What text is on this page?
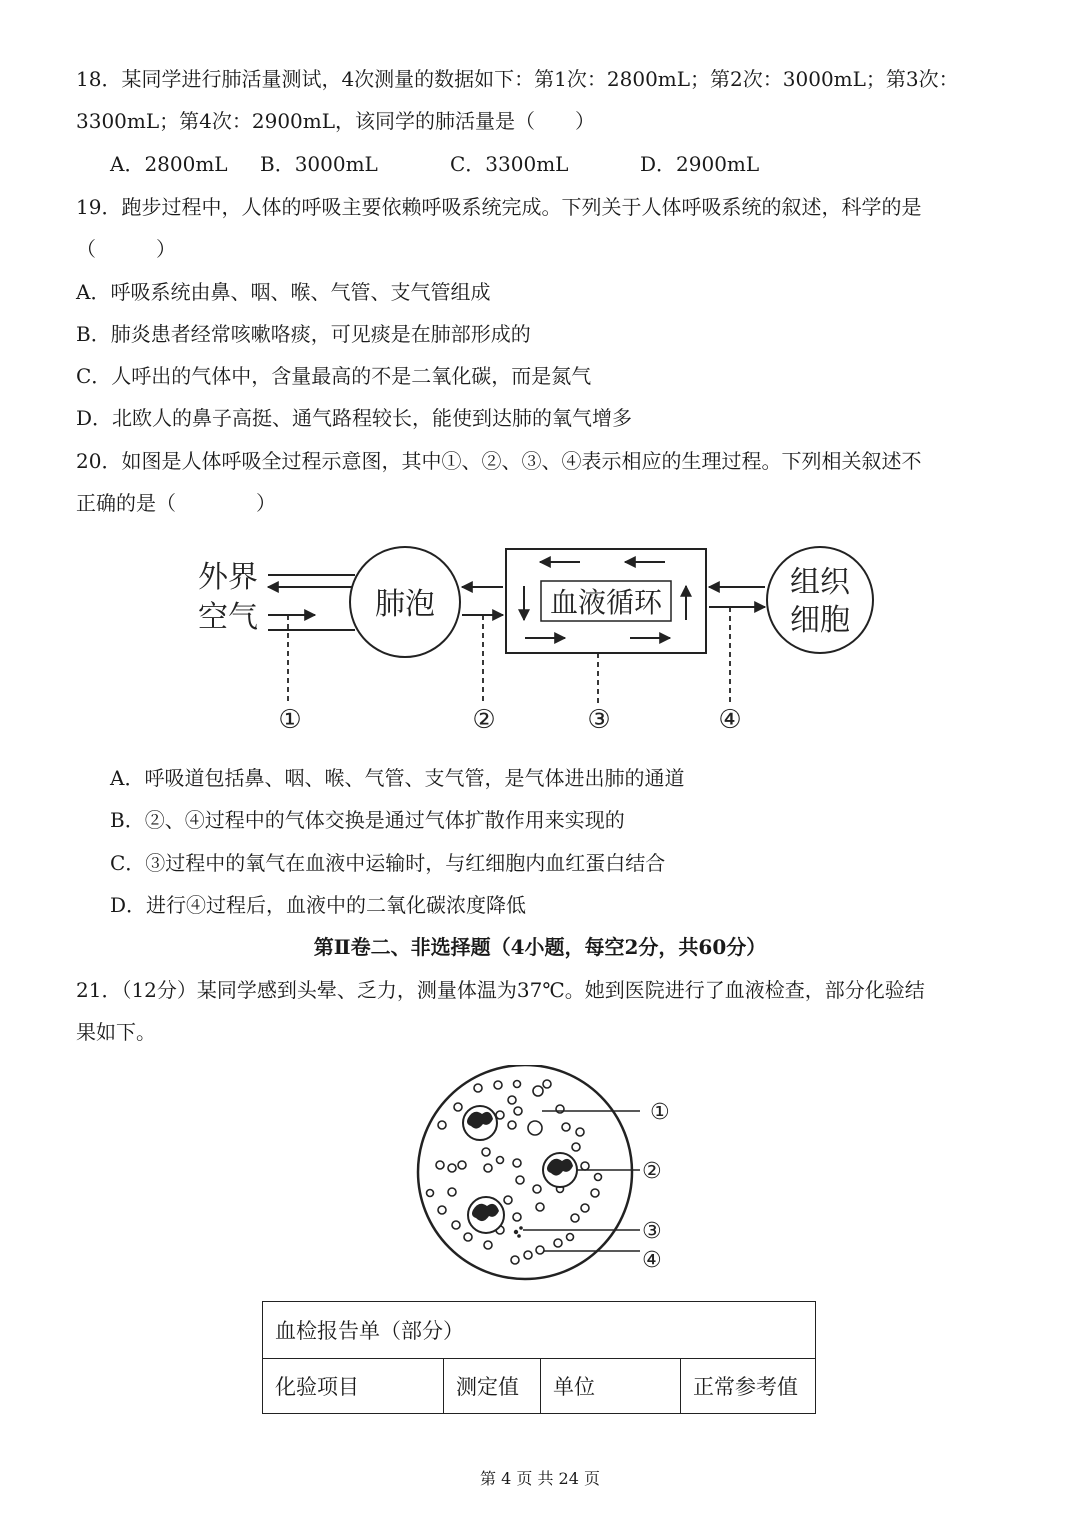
18．某同学进行肺活量测试，4次测量的数据如下：第1次：2800mL；第2次：3000mL；第3次：
3300mL；第4次：2900mL，该同学的肺活量是（　　）
A．2800mL B．3000mL	C．3300mL	D．2900mL
19．跑步过程中，人体的呼吸主要依赖呼吸系统完成。下列关于人体呼吸系统的叙述，科学的是
（　　　）
A．呼吸系统由鼻、咽、喉、气管、支气管组成
B．肺炎患者经常咳嗽咯痰，可见痰是在肺部形成的
C．人呼出的气体中，含量最高的不是二氧化碳，而是氮气
D．北欧人的鼻子高挺、通气路程较长，能使到达肺的氧气增多
20．如图是人体呼吸全过程示意图，其中①、②、③、④表示相应的生理过程。下列相关叙述不
正确的是（　　　　）
外界
空气	肺泡	血液循环
组织
细胞
①	②	③	④
A．呼吸道包括鼻、咽、喉、气管、支气管，是气体进出肺的通道
B．②、④过程中的气体交换是通过气体扩散作用来实现的
C．③过程中的氧气在血液中运输时，与红细胞内血红蛋白结合
D．进行④过程后，血液中的二氧化碳浓度降低
第Ⅱ卷二、非选择题（4小题，每空2分，共60分）
21．（12分）某同学感到头晕、乏力，测量体温为37℃。她到医院进行了血液检查，部分化验结
果如下。
①
②
③
④
血检报告单（部分）
化验项目	测定值	单位	正常参考值
第 4 页 共 24 页
